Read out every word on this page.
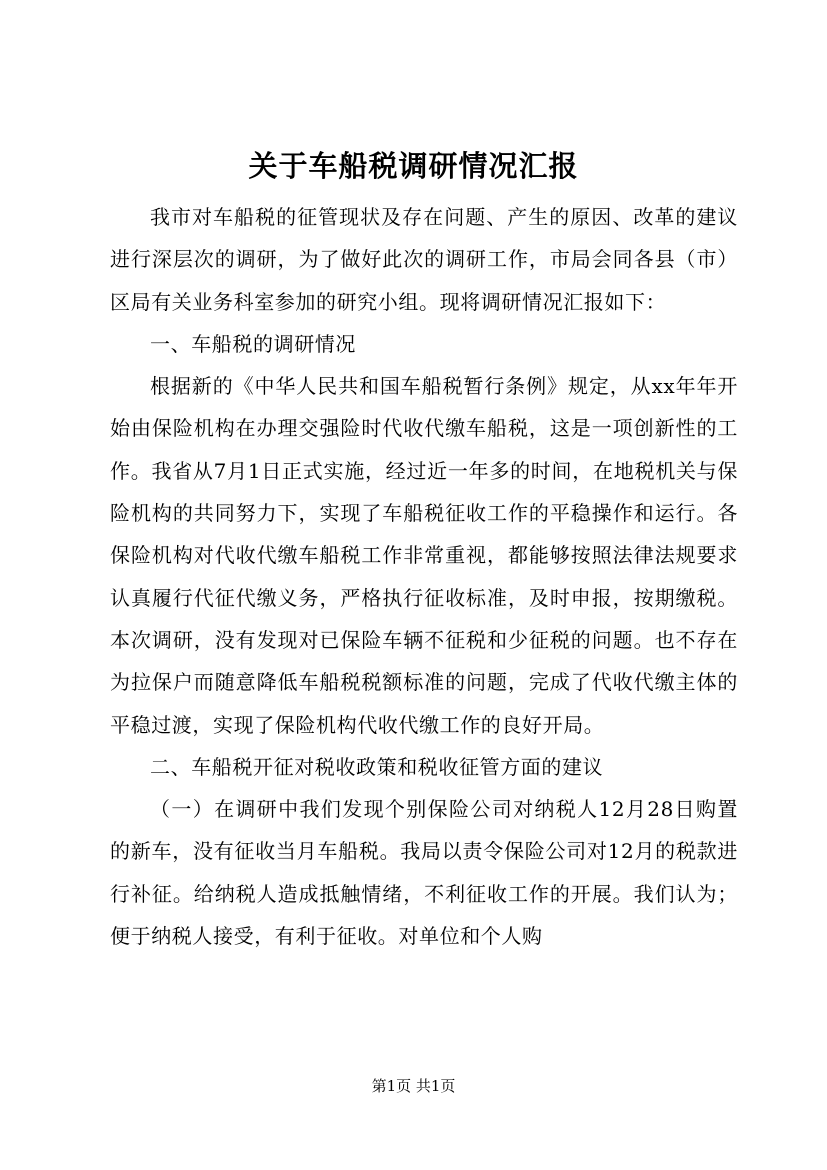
关于车船税调研情况汇报

我市对车船税的征管现状及存在问题、产生的原因、改革的建议进行深层次的调研，为了做好此次的调研工作，市局会同各县（市）区局有关业务科室参加的研究小组。现将调研情况汇报如下：

一、车船税的调研情况

根据新的《中华人民共和国车船税暂行条例》规定，从xx年年开始由保险机构在办理交强险时代收代缴车船税，这是一项创新性的工作。我省从7月1日正式实施，经过近一年多的时间，在地税机关与保险机构的共同努力下，实现了车船税征收工作的平稳操作和运行。各保险机构对代收代缴车船税工作非常重视，都能够按照法律法规要求认真履行代征代缴义务，严格执行征收标准，及时申报，按期缴税。本次调研，没有发现对已保险车辆不征税和少征税的问题。也不存在为拉保户而随意降低车船税税额标准的问题，完成了代收代缴主体的平稳过渡，实现了保险机构代收代缴工作的良好开局。

二、车船税开征对税收政策和税收征管方面的建议

（一）在调研中我们发现个别保险公司对纳税人12月28日购置的新车，没有征收当月车船税。我局以责令保险公司对12月的税款进行补征。给纳税人造成抵触情绪，不利征收工作的开展。我们认为；便于纳税人接受，有利于征收。对单位和个人购

第1页 共1页
